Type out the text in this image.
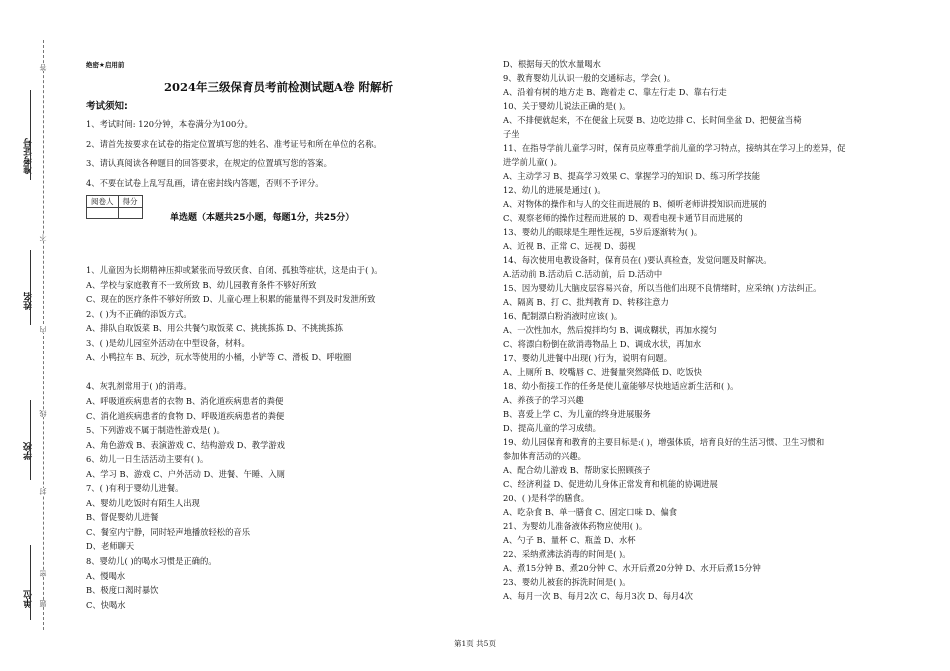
准考证号
姓名
学校
单位
答
不
内
线
封
密
题
绝密★启用前
2024年三级保育员考前检测试题A卷 附解析
考试须知:
1、考试时间: 120分钟，本卷满分为100分。
2、请首先按要求在试卷的指定位置填写您的姓名、准考证号和所在单位的名称。
3、请认真阅读各种题目的回答要求，在规定的位置填写您的答案。
4、不要在试卷上乱写乱画，请在密封线内答题，否则不予评分。
阅卷人	得分

单选题（本题共25小题，每题1分，共25分）
1、儿童因为长期精神压抑或紧张而导致厌食、自闭、孤独等症状，这是由于( )。
A、学校与家庭教育不一致所致 B、幼儿园教育条件不够好所致
C、现在的医疗条件不够好所致 D、儿童心理上积累的能量得不到及时发泄所致
2、( )为不正确的添饭方式。
A、排队自取饭菜 B、用公共餐勺取饭菜 C、挑挑拣拣 D、不挑挑拣拣
3、( )是幼儿园室外活动在中型设备，材料。
A、小鸭拉车 B、玩沙，玩水等使用的小桶，小铲等 C、滑板 D、呼啦圈
4、灰乳剂常用于( )的消毒。
A、呼吸道疾病患者的衣物 B、消化道疾病患者的粪便
C、消化道疾病患者的食物 D、呼吸道疾病患者的粪便
5、下列游戏不属于制造性游戏是( )。
A、角色游戏 B、表演游戏 C、结构游戏 D、教学游戏
6、幼儿一日生活活动主要有( )。
A、学习 B、游戏 C、户外活动 D、进餐、午睡、入厕
7、( )有利于婴幼儿进餐。
A、婴幼儿吃饭时有陌生人出现
B、督促婴幼儿进餐
C、餐室内宁静，同时轻声地播放轻松的音乐
D、老师聊天
8、婴幼儿( )的喝水习惯是正确的。
A、慢喝水
B、极度口渴时暴饮
C、快喝水
D、根据每天的饮水量喝水
9、教育婴幼儿认识一般的交通标志，学会( )。
A、沿着有树的地方走 B、跑着走 C、靠左行走 D、靠右行走
10、关于婴幼儿说法正确的是( )。
A、不排便就起来，不在便盆上玩耍 B、边吃边排 C、长时间坐盆 D、把便盆当椅
子坐
11、在指导学前儿童学习时，保育员应尊重学前儿童的学习特点，接纳其在学习上的差异，促
进学前儿童( )。
A、主动学习 B、提高学习效果 C、掌握学习的知识 D、练习所学技能
12、幼儿的进展是通过( )。
A、对物体的操作和与人的交往而进展的 B、倾听老师讲授知识而进展的
C、观察老师的操作过程而进展的 D、观看电视卡通节目而进展的
13、婴幼儿的眼球是生理性远视，5岁后逐渐转为( )。
A、近视 B、正常 C、远视 D、弱视
14、每次使用电教设备时，保育员在( )要认真检查，发觉问题及时解决。
A.活动前 B.活动后 C.活动前，后 D.活动中
15、因为婴幼儿大脑皮层容易兴奋，所以当他们出现不良情绪时，应采纳( )方法纠正。
A、隔离 B、打 C、批判教育 D、转移注意力
16、配制漂白粉消液时应该( )。
A、一次性加水，然后搅拌均匀 B、调成糊状，再加水搅匀
C、将漂白粉倒在欲消毒物品上 D、调成水状，再加水
17、婴幼儿进餐中出现( )行为，说明有问题。
A、上厕所 B、咬嘴唇 C、进餐量突然降低 D、吃饭快
18、幼小衔接工作的任务是使儿童能够尽快地适应新生活和( )。
A、养孩子的学习兴趣
B、喜爱上学 C、为儿童的终身进展服务
D、提高儿童的学习成绩。
19、幼儿园保育和教育的主要目标是:( )，增强体质，培育良好的生活习惯、卫生习惯和
参加体育活动的兴趣。
A、配合幼儿游戏 B、帮助家长照顾孩子
C、经济利益 D、促进幼儿身体正常发育和机能的协调进展
20、( )是科学的膳食。
A、吃杂食 B、单一膳食 C、固定口味 D、偏食
21、为婴幼儿准备液体药物应使用( )。
A、勺子 B、量杯 C、瓶盖 D、水杯
22、采纳煮沸法消毒的时间是( )。
A、煮15分钟 B、煮20分钟 C、水开后煮20分钟 D、水开后煮15分钟
23、婴幼儿被套的拆洗时间是( )。
A、每月一次 B、每月2次 C、每月3次 D、每月4次
第1页 共5页
